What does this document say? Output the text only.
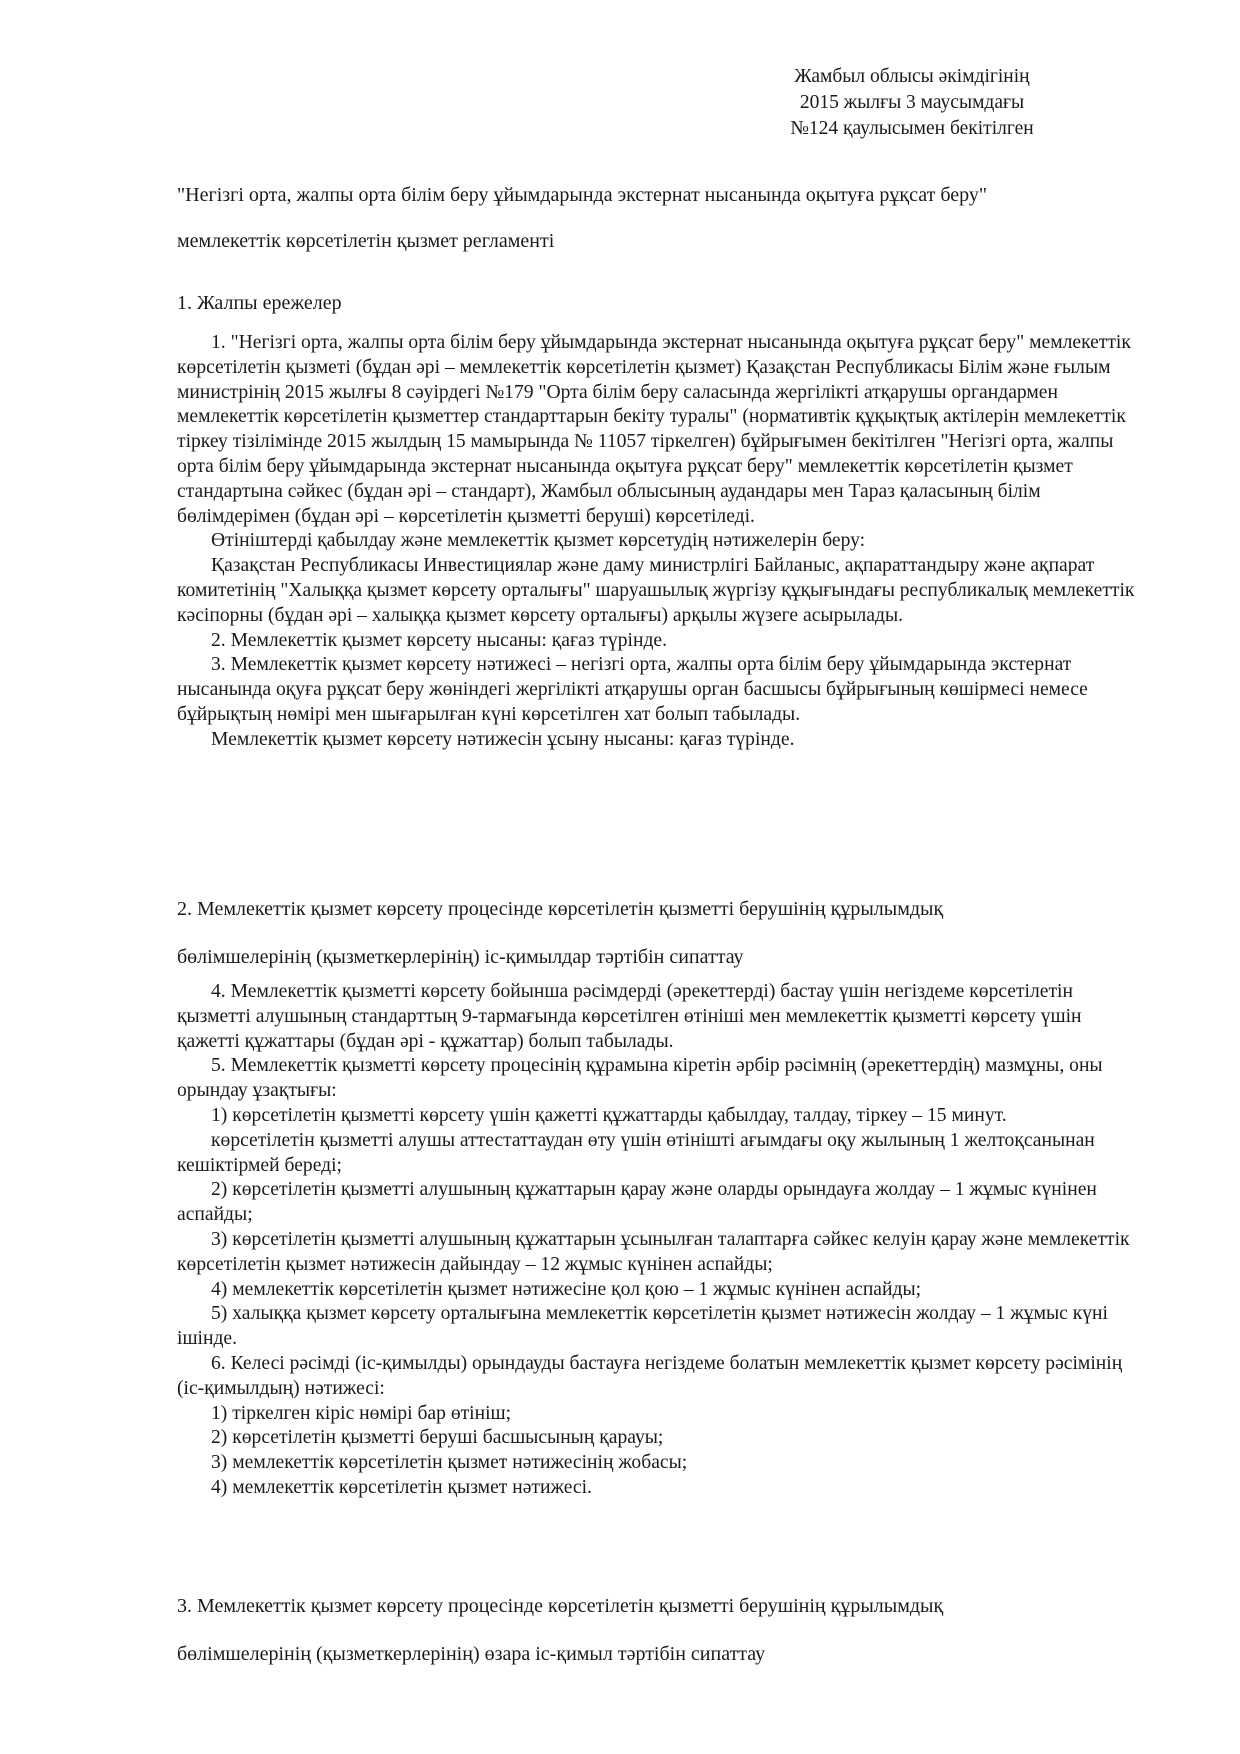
Жамбыл облысы әкімдігінің
2015 жылғы 3 маусымдағы
№124 қаулысымен бекітілген
"Негізгі орта, жалпы орта білім беру ұйымдарында экстернат нысанында оқытуға рұқсат беру"
мемлекеттік көрсетілетін қызмет регламенті
1. Жалпы ережелер

1. "Негізгі орта, жалпы орта білім беру ұйымдарында экстернат нысанында оқытуға рұқсат беру" мемлекеттік көрсетілетін қызметі (бұдан әрі – мемлекеттік көрсетілетін қызмет) Қазақстан Республикасы Білім және ғылым министрінің 2015 жылғы 8 сәуірдегі №179 "Орта білім беру саласында жергілікті атқарушы органдармен мемлекеттік көрсетілетін қызметтер стандарттарын бекіту туралы" (нормативтік құқықтық актілерін мемлекеттік тіркеу тізілімінде 2015 жылдың 15 мамырында № 11057 тіркелген) бұйрығымен бекітілген "Негізгі орта, жалпы орта білім беру ұйымдарында экстернат нысанында оқытуға рұқсат беру" мемлекеттік көрсетілетін қызмет стандартына сәйкес (бұдан әрі – стандарт), Жамбыл облысының аудандары мен Тараз қаласының білім бөлімдерімен (бұдан әрі – көрсетілетін қызметті беруші) көрсетіледі.

Өтініштерді қабылдау және мемлекеттік қызмет көрсетудің нәтижелерін беру:

Қазақстан Республикасы Инвестициялар және даму министрлігі Байланыс, ақпараттандыру және ақпарат комитетінің "Халыққа қызмет көрсету орталығы" шаруашылық жүргізу құқығындағы республикалық мемлекеттік кәсіпорны (бұдан әрі – халыққа қызмет көрсету орталығы) арқылы жүзеге асырылады.

2. Мемлекеттік қызмет көрсету нысаны: қағаз түрінде.

3. Мемлекеттік қызмет көрсету нәтижесі – негізгі орта, жалпы орта білім беру ұйымдарында экстернат нысанында оқуға рұқсат беру жөніндегі жергілікті атқарушы орган басшысы бұйрығының көшірмесі немесе бұйрықтың нөмірі мен шығарылған күні көрсетілген хат болып табылады.

Мемлекеттік қызмет көрсету нәтижесін ұсыну нысаны: қағаз түрінде.

2. Мемлекеттік қызмет көрсету процесінде көрсетілетін қызметті берушінің құрылымдық
бөлімшелерінің (қызметкерлерінің) іс-қимылдар тәртібін сипаттау

4. Мемлекеттік қызметті көрсету бойынша рәсімдерді (әрекеттерді) бастау үшін негіздеме көрсетілетін қызметті алушының стандарттың 9-тармағында көрсетілген өтініші мен мемлекеттік қызметті көрсету үшін қажетті құжаттары (бұдан әрі - құжаттар) болып табылады.

5. Мемлекеттік қызметті көрсету процесінің құрамына кіретін әрбір рәсімнің (әрекеттердің) мазмұны, оны орындау ұзақтығы:

1) көрсетілетін қызметті көрсету үшін қажетті құжаттарды қабылдау, талдау, тіркеу – 15 минут.

көрсетілетін қызметті алушы аттестаттаудан өту үшін өтінішті ағымдағы оқу жылының 1 желтоқсанынан кешіктірмей береді;

2) көрсетілетін қызметті алушының құжаттарын қарау және оларды орындауға жолдау – 1 жұмыс күнінен аспайды;

3) көрсетілетін қызметті алушының құжаттарын ұсынылған талаптарға сәйкес келуін қарау және мемлекеттік көрсетілетін қызмет нәтижесін дайындау – 12 жұмыс күнінен аспайды;

4) мемлекеттік көрсетілетін қызмет нәтижесіне қол қою – 1 жұмыс күнінен аспайды;

5) халыққа қызмет көрсету орталығына мемлекеттік көрсетілетін қызмет нәтижесін жолдау – 1 жұмыс күні ішінде.

6. Келесі рәсімді (іс-қимылды) орындауды бастауға негіздеме болатын мемлекеттік қызмет көрсету рәсімінің (іс-қимылдың) нәтижесі:

1) тіркелген кіріс нөмірі бар өтініш;

2) көрсетілетін қызметті беруші басшысының қарауы;

3) мемлекеттік көрсетілетін қызмет нәтижесінің жобасы;

4) мемлекеттік көрсетілетін қызмет нәтижесі.

3. Мемлекеттік қызмет көрсету процесінде көрсетілетін қызметті берушінің құрылымдық
бөлімшелерінің (қызметкерлерінің) өзара іс-қимыл тәртібін сипаттау
